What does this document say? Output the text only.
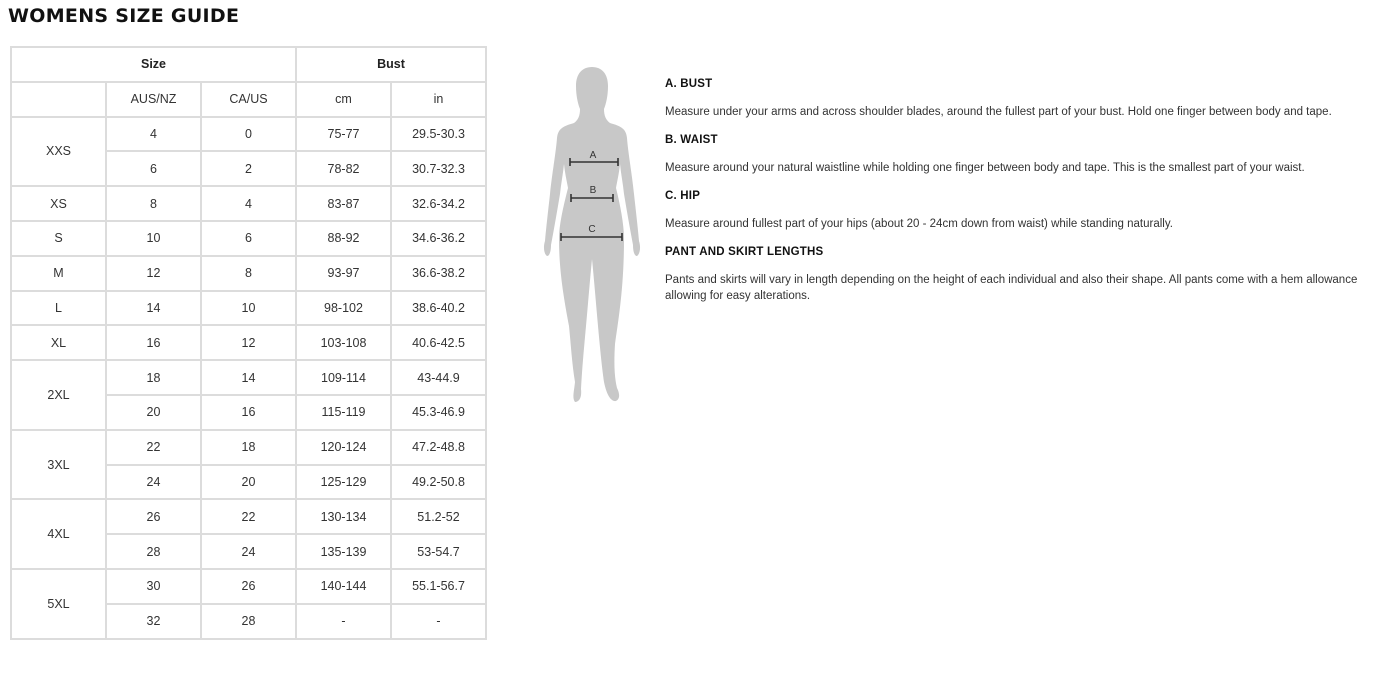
WOMENS SIZE GUIDE
Size			Bust	
	AUS/NZ	CA/US	cm	in
XXS	4	0	75-77	29.5-30.3
	6	2	78-82	30.7-32.3
XS	8	4	83-87	32.6-34.2
S	10	6	88-92	34.6-36.2
M	12	8	93-97	36.6-38.2
L	14	10	98-102	38.6-40.2
XL	16	12	103-108	40.6-42.5
2XL	18	14	109-114	43-44.9
	20	16	115-119	45.3-46.9
3XL	22	18	120-124	47.2-48.8
	24	20	125-129	49.2-50.8
4XL	26	22	130-134	51.2-52
	28	24	135-139	53-54.7
5XL	30	26	140-144	55.1-56.7
	32	28	-	-
A
B
C

A. BUST

Measure under your arms and across shoulder blades, around the fullest part of your bust. Hold one finger between body and tape.

B. WAIST

Measure around your natural waistline while holding one finger between body and tape. This is the smallest part of your waist.

C. HIP

Measure around fullest part of your hips (about 20 - 24cm down from waist) while standing naturally.

PANT AND SKIRT LENGTHS

Pants and skirts will vary in length depending on the height of each individual and also their shape. All pants come with a hem allowance allowing for easy alterations.
